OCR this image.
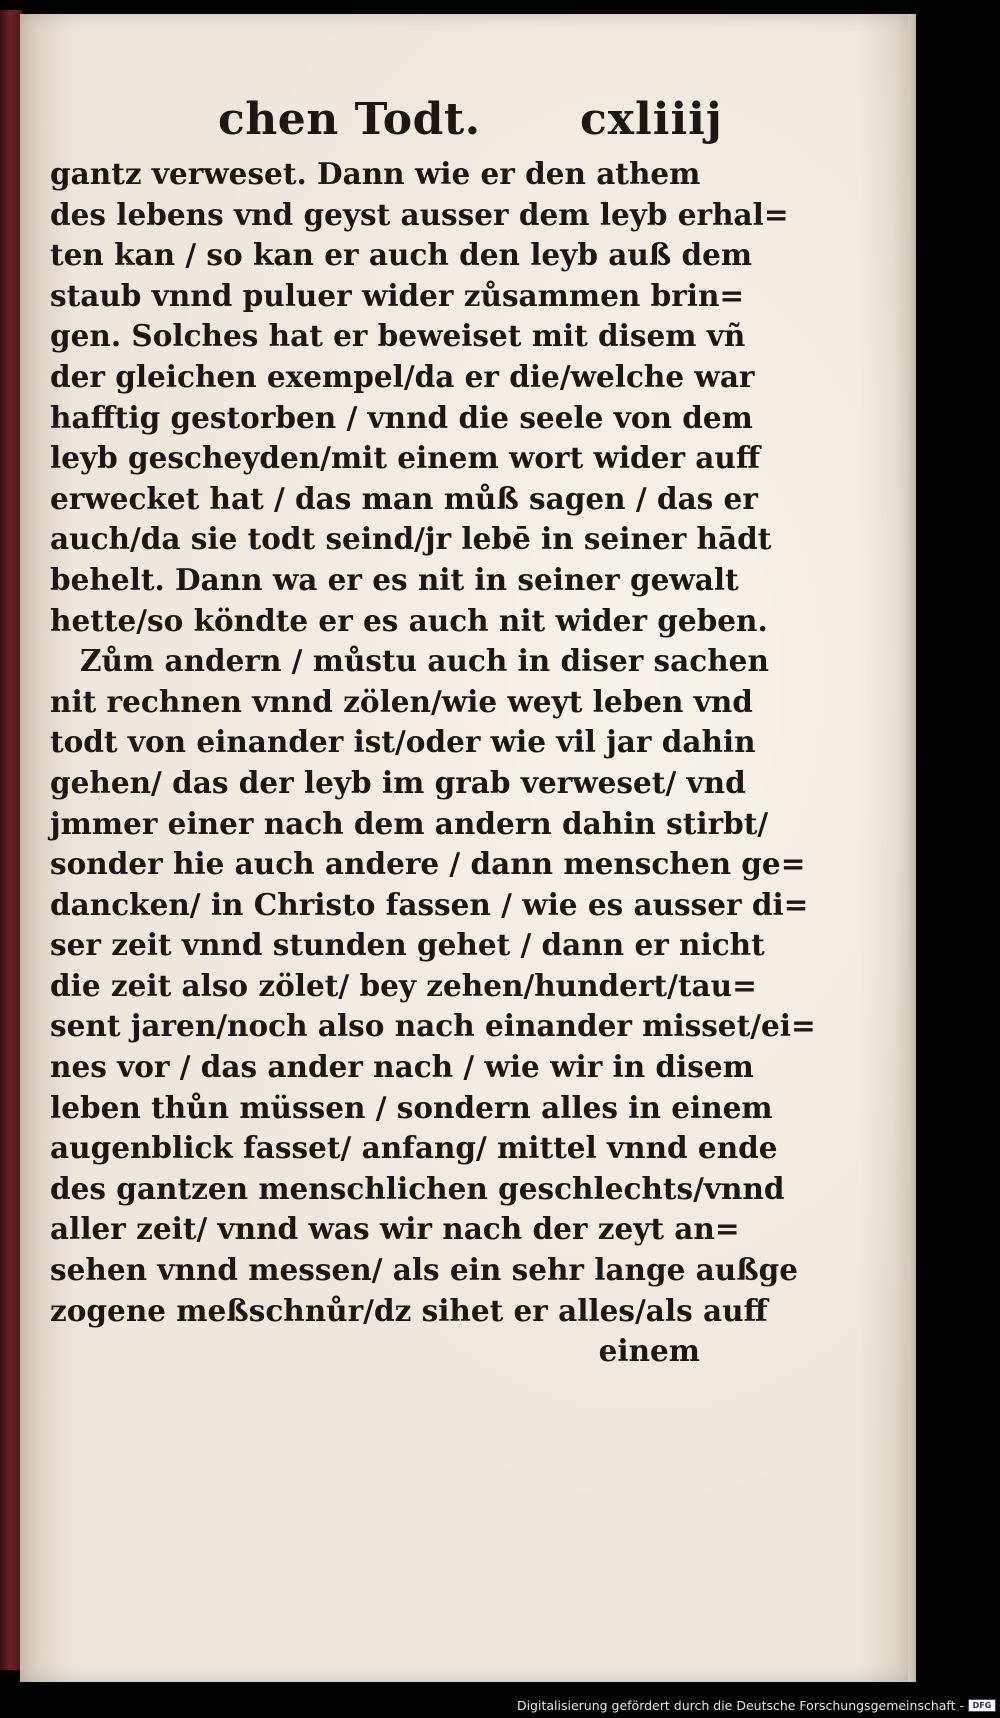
chen Todt. cxliiij
gantz verweset. Dann wie er den athem
des lebens vnd geyst ausser dem leyb erhal=
ten kan / so kan er auch den leyb auß dem
staub vnnd puluer wider zůsammen brin=
gen. Solches hat er beweiset mit disem vñ
der gleichen exempel/da er die/welche war
hafftig gestorben / vnnd die seele von dem
leyb gescheyden/mit einem wort wider auff
erwecket hat / das man můß sagen / das er
auch/da sie todt seind/jr lebē in seiner hādt
behelt. Dann wa er es nit in seiner gewalt
hette/so köndte er es auch nit wider geben.
Zům andern / můstu auch in diser sachen
nit rechnen vnnd zölen/wie weyt leben vnd
todt von einander ist/oder wie vil jar dahin
gehen/ das der leyb im grab verweset/ vnd
jmmer einer nach dem andern dahin stirbt/
sonder hie auch andere / dann menschen ge=
dancken/ in Christo fassen / wie es ausser di=
ser zeit vnnd stunden gehet / dann er nicht
die zeit also zölet/ bey zehen/hundert/tau=
sent jaren/noch also nach einander misset/ei=
nes vor / das ander nach / wie wir in disem
leben thůn müssen / sondern alles in einem
augenblick fasset/ anfang/ mittel vnnd ende
des gantzen menschlichen geschlechts/vnnd
aller zeit/ vnnd was wir nach der zeyt an=
sehen vnnd messen/ als ein sehr lange außge
zogene meßschnůr/dz sihet er alles/als auff
einem
Digitalisierung gefördert durch die Deutsche Forschungsgemeinschaft -	DFG
